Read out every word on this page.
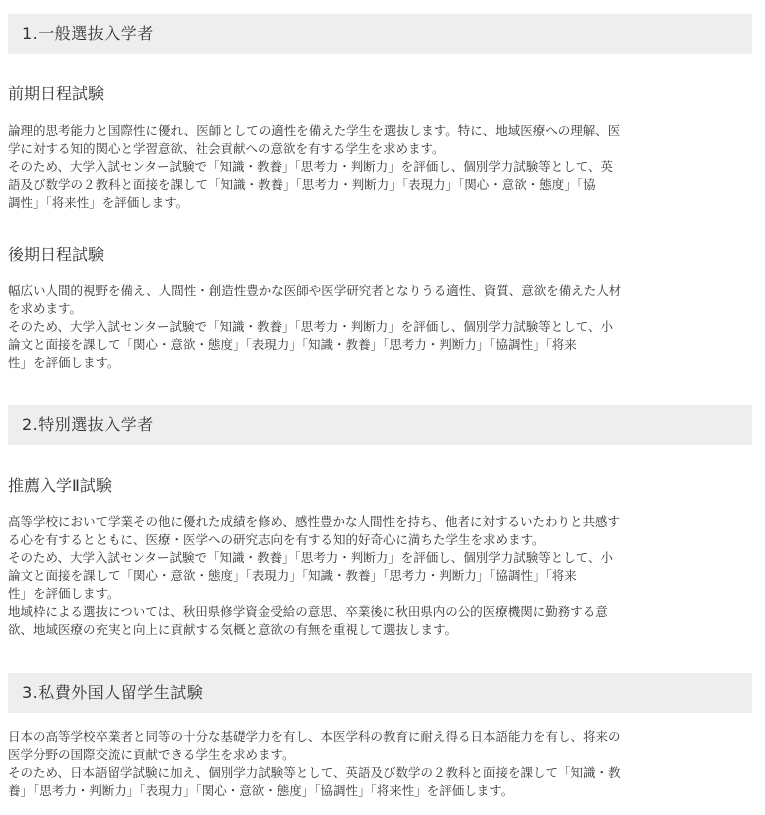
1.一般選抜入学者
前期日程試験
論理的思考能力と国際性に優れ、医師としての適性を備えた学生を選抜します。特に、地域医療への理解、医
学に対する知的関心と学習意欲、社会貢献への意欲を有する学生を求めます。
そのため、大学入試センター試験で「知識・教養」「思考力・判断力」を評価し、個別学力試験等として、英
語及び数学の２教科と面接を課して「知識・教養」「思考力・判断力」「表現力」「関心・意欲・態度」「協
調性」「将来性」を評価します。
後期日程試験
幅広い人間的視野を備え、人間性・創造性豊かな医師や医学研究者となりうる適性、資質、意欲を備えた人材
を求めます。
そのため、大学入試センター試験で「知識・教養」「思考力・判断力」を評価し、個別学力試験等として、小
論文と面接を課して「関心・意欲・態度」「表現力」「知識・教養」「思考力・判断力」「協調性」「将来
性」を評価します。
2.特別選抜入学者
推薦入学Ⅱ試験
高等学校において学業その他に優れた成績を修め、感性豊かな人間性を持ち、他者に対するいたわりと共感す
る心を有するとともに、医療・医学への研究志向を有する知的好奇心に満ちた学生を求めます。
そのため、大学入試センター試験で「知識・教養」「思考力・判断力」を評価し、個別学力試験等として、小
論文と面接を課して「関心・意欲・態度」「表現力」「知識・教養」「思考力・判断力」「協調性」「将来
性」を評価します。
地域枠による選抜については、秋田県修学資金受給の意思、卒業後に秋田県内の公的医療機関に勤務する意
欲、地域医療の充実と向上に貢献する気概と意欲の有無を重視して選抜します。
3.私費外国人留学生試験
日本の高等学校卒業者と同等の十分な基礎学力を有し、本医学科の教育に耐え得る日本語能力を有し、将来の
医学分野の国際交流に貢献できる学生を求めます。
そのため、日本語留学試験に加え、個別学力試験等として、英語及び数学の２教科と面接を課して「知識・教
養」「思考力・判断力」「表現力」「関心・意欲・態度」「協調性」「将来性」を評価します。
